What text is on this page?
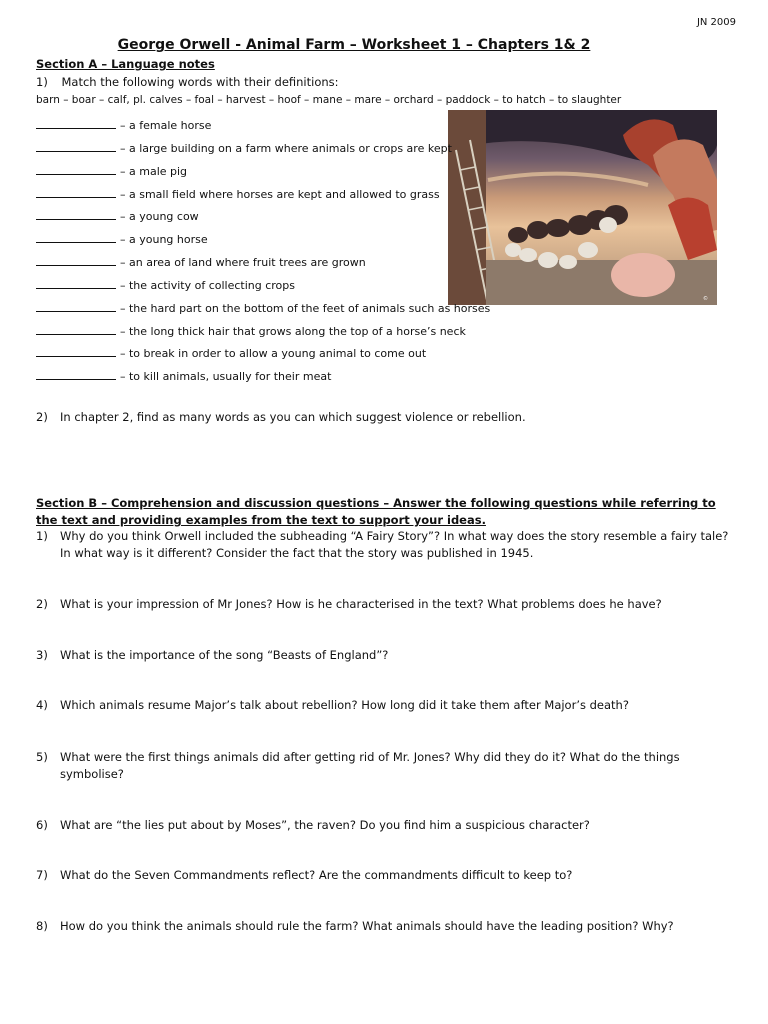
JN 2009
George Orwell - Animal Farm – Worksheet 1 – Chapters 1& 2
Section A – Language notes
1) Match the following words with their definitions:
barn – boar – calf, pl. calves – foal – harvest – hoof – mane – mare – orchard – paddock – to hatch – to slaughter
©
– a female horse
– a large building on a farm where animals or crops are kept
– a male pig
– a small field where horses are kept and allowed to grass
– a young cow
– a young horse
– an area of land where fruit trees are grown
– the activity of collecting crops
– the hard part on the bottom of the feet of animals such as horses
– the long thick hair that grows along the top of a horse’s neck
– to break in order to allow a young animal to come out
– to kill animals, usually for their meat
2) In chapter 2, find as many words as you can which suggest violence or rebellion.
Section B – Comprehension and discussion questions – Answer the following questions while referring to the text and providing examples from the text to support your ideas.
1) Why do you think Orwell included the subheading “A Fairy Story”? In what way does the story resemble a fairy tale? In what way is it different? Consider the fact that the story was published in 1945.
2) What is your impression of Mr Jones? How is he characterised in the text? What problems does he have?
3) What is the importance of the song “Beasts of England”?
4) Which animals resume Major’s talk about rebellion? How long did it take them after Major’s death?
5) What were the first things animals did after getting rid of Mr. Jones? Why did they do it? What do the things symbolise?
6) What are “the lies put about by Moses”, the raven? Do you find him a suspicious character?
7) What do the Seven Commandments reflect? Are the commandments difficult to keep to?
8) How do you think the animals should rule the farm? What animals should have the leading position? Why?
